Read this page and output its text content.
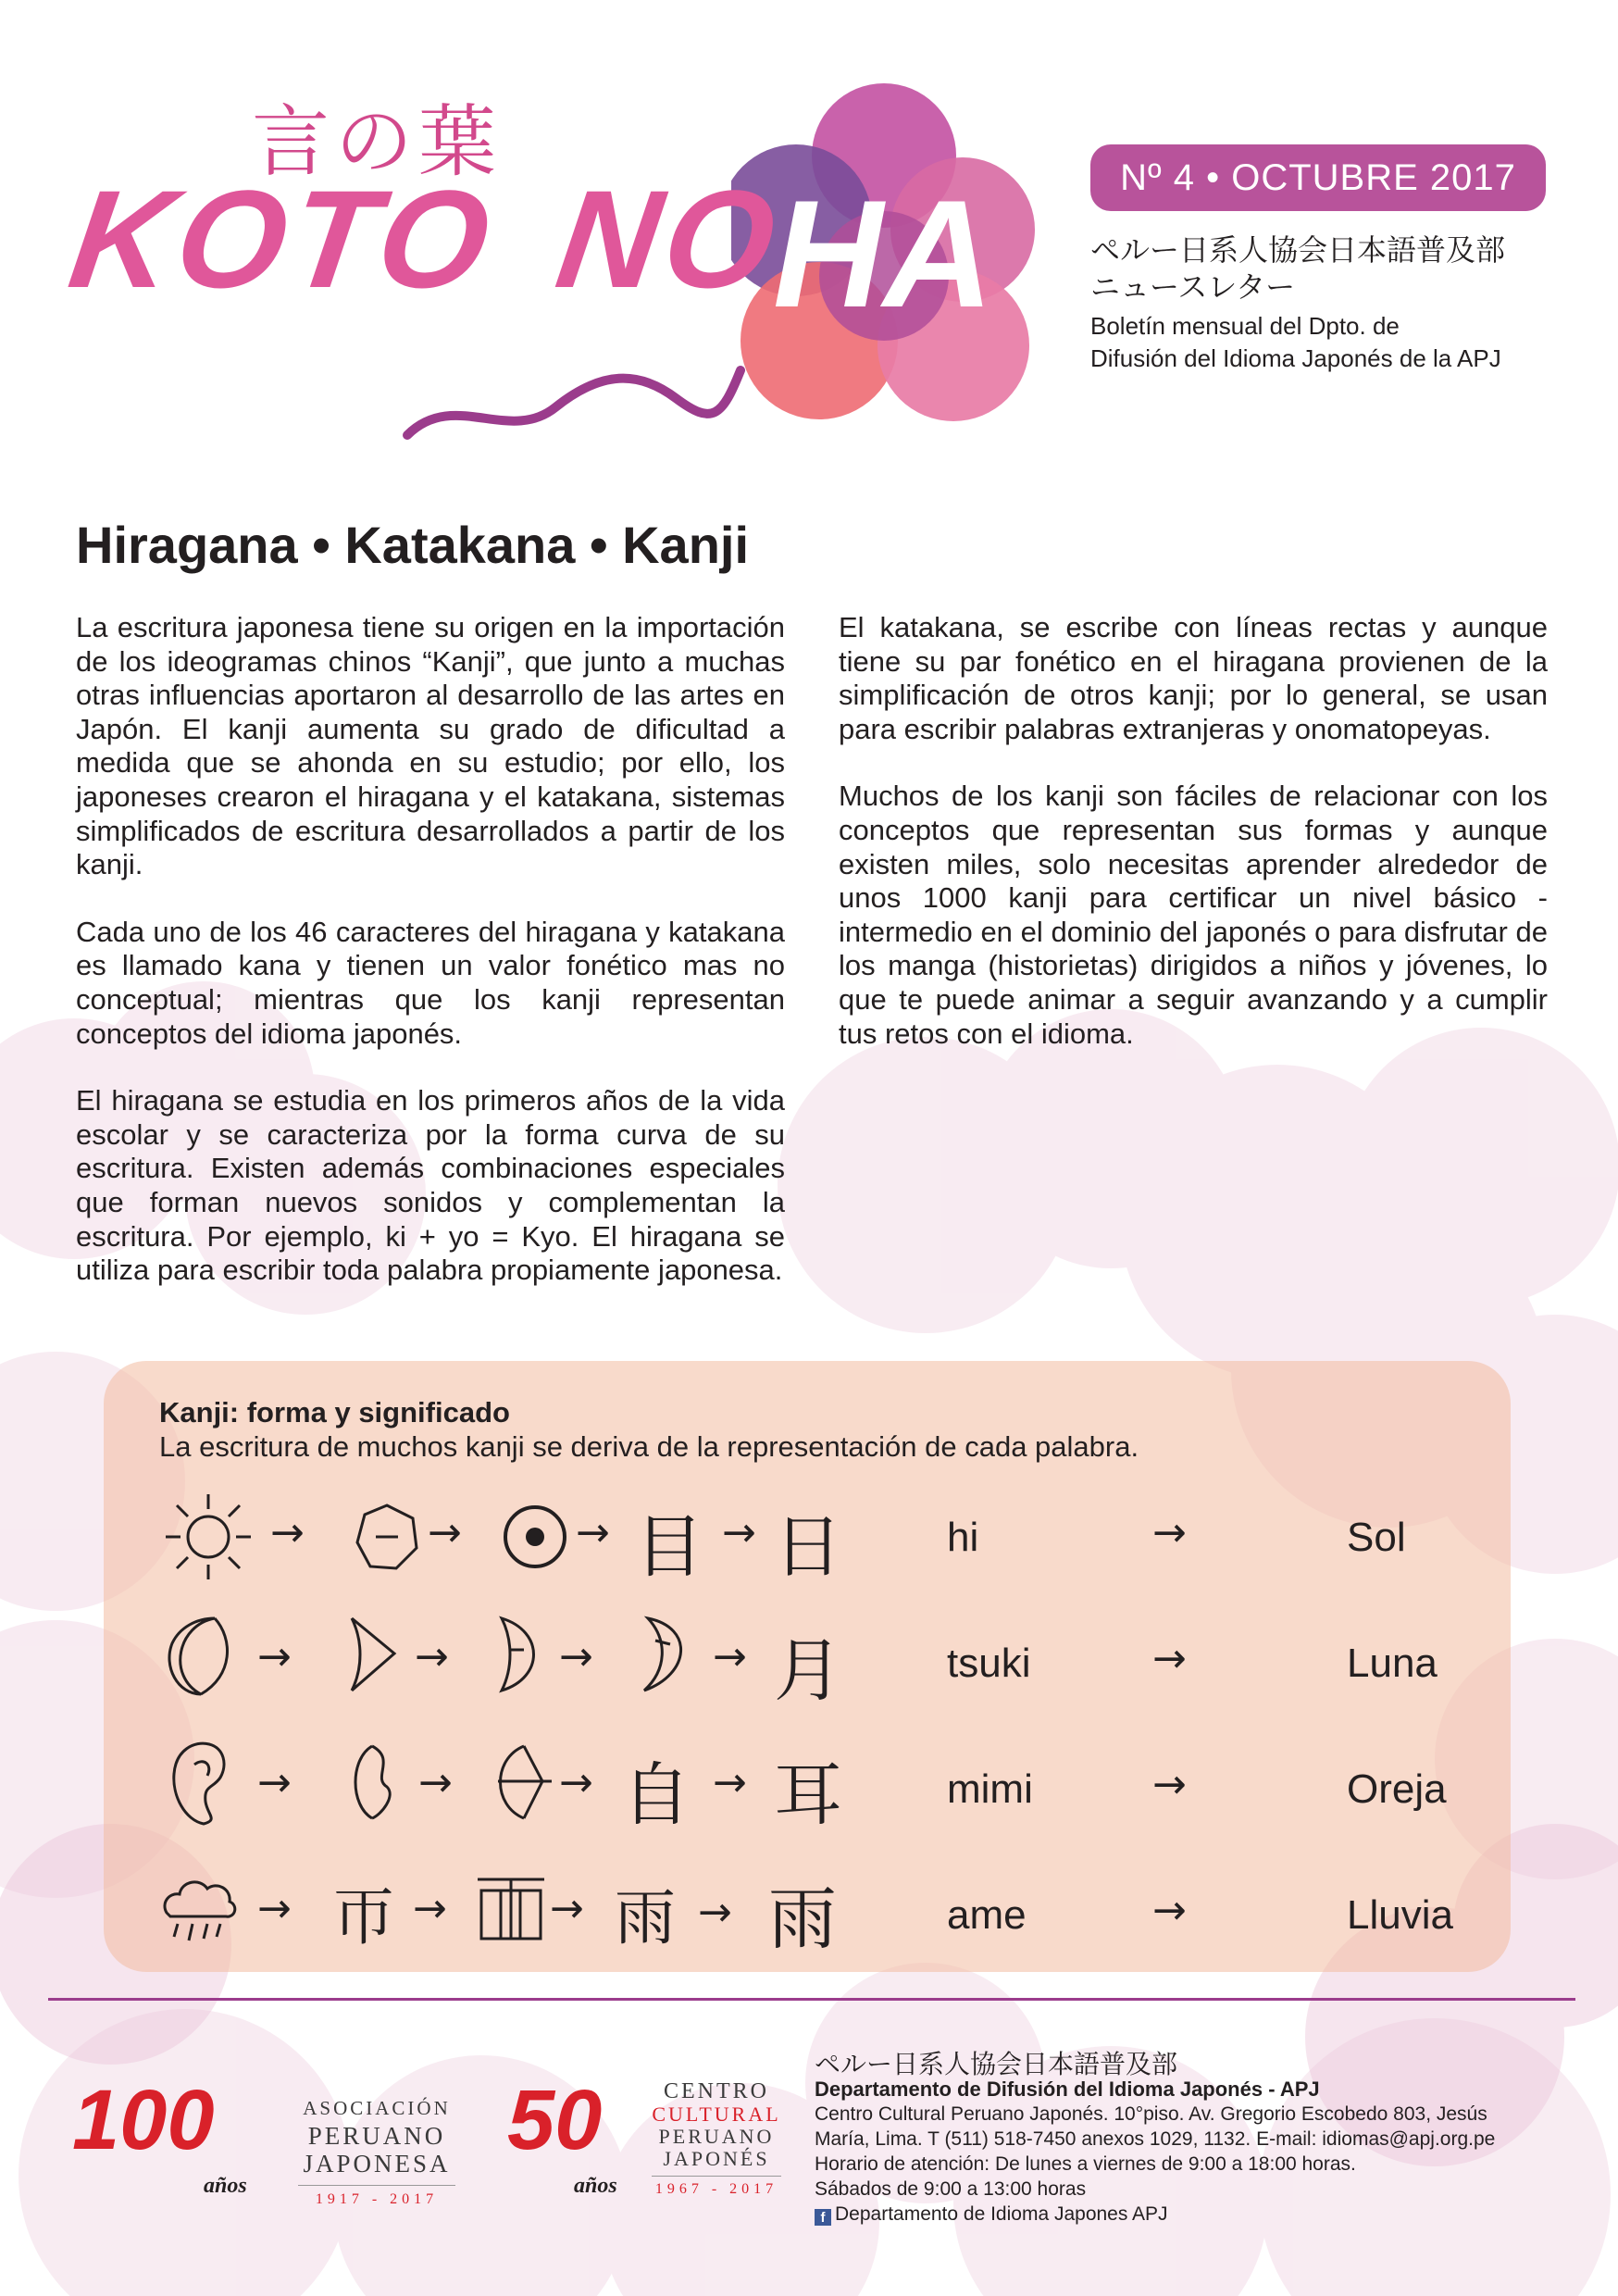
言の葉
KOTO NO
HA	Nº 4 • OCTUBRE 2017
ペルー日系人協会日本語普及部
ニュースレター
Boletín mensual del Dpto. de
Difusión del Idioma Japonés de la APJ
Hiragana • Katakana • Kanji

La escritura japonesa tiene su origen en la importación de los ideogramas chinos “Kanji”, que junto a muchas otras influencias aportaron al desarrollo de las artes en Japón. El kanji aumenta su grado de dificultad a medida que se ahonda en su estudio; por ello, los japoneses crearon el hiragana y el katakana, sistemas simplificados de escritura desarrollados a partir de los kanji.

Cada uno de los 46 caracteres del hiragana y katakana es llamado kana y tienen un valor fonético mas no conceptual; mientras que los kanji representan conceptos del idioma japonés.

El hiragana se estudia en los primeros años de la vida escolar y se caracteriza por la forma curva de su escritura. Existen además combinaciones especiales que forman nuevos sonidos y complementan la escritura. Por ejemplo, ki + yo = Kyo. El hiragana se utiliza para escribir toda palabra propiamente japonesa.

El katakana, se escribe con líneas rectas y aunque tiene su par fonético en el hiragana provienen de la simplificación de otros kanji; por lo general, se usan para escribir palabras extranjeras y onomatopeyas.

Muchos de los kanji son fáciles de relacionar con los conceptos que representan sus formas y aunque existen miles, solo necesitas aprender alrededor de unos 1000 kanji para certificar un nivel básico - intermedio en el dominio del japonés o para disfrutar de los manga (historietas) dirigidos a niños y jóvenes, lo que te puede animar a seguir avanzando y a cumplir tus retos con el idioma.

Kanji: forma y significado
La escritura de muchos kanji se deriva de la representación de cada palabra.
→	→	→ 目 → 日	hi	→	Sol
→	→	→	→ 月	tsuki	→	Luna
→	→	→ 自 → 耳	mimi	→	Oreja
→ 帀 →	→ 雨 → 雨	ame	→	Lluvia
100
años
ASOCIACIÓN
PERUANO
JAPONESA
1917 - 2017
50
años
CENTRO
CULTURAL
PERUANO
JAPONÉS
1967 - 2017
ペルー日系人協会日本語普及部
Departamento de Difusión del Idioma Japonés - APJ
Centro Cultural Peruano Japonés. 10°piso. Av. Gregorio Escobedo 803, Jesús
María, Lima. T (511) 518-7450 anexos 1029, 1132. E-mail: idiomas@apj.org.pe
Horario de atención: De lunes a viernes de 9:00 a 18:00 horas.
Sábados de 9:00 a 13:00 horas
f Departamento de Idioma Japones APJ
